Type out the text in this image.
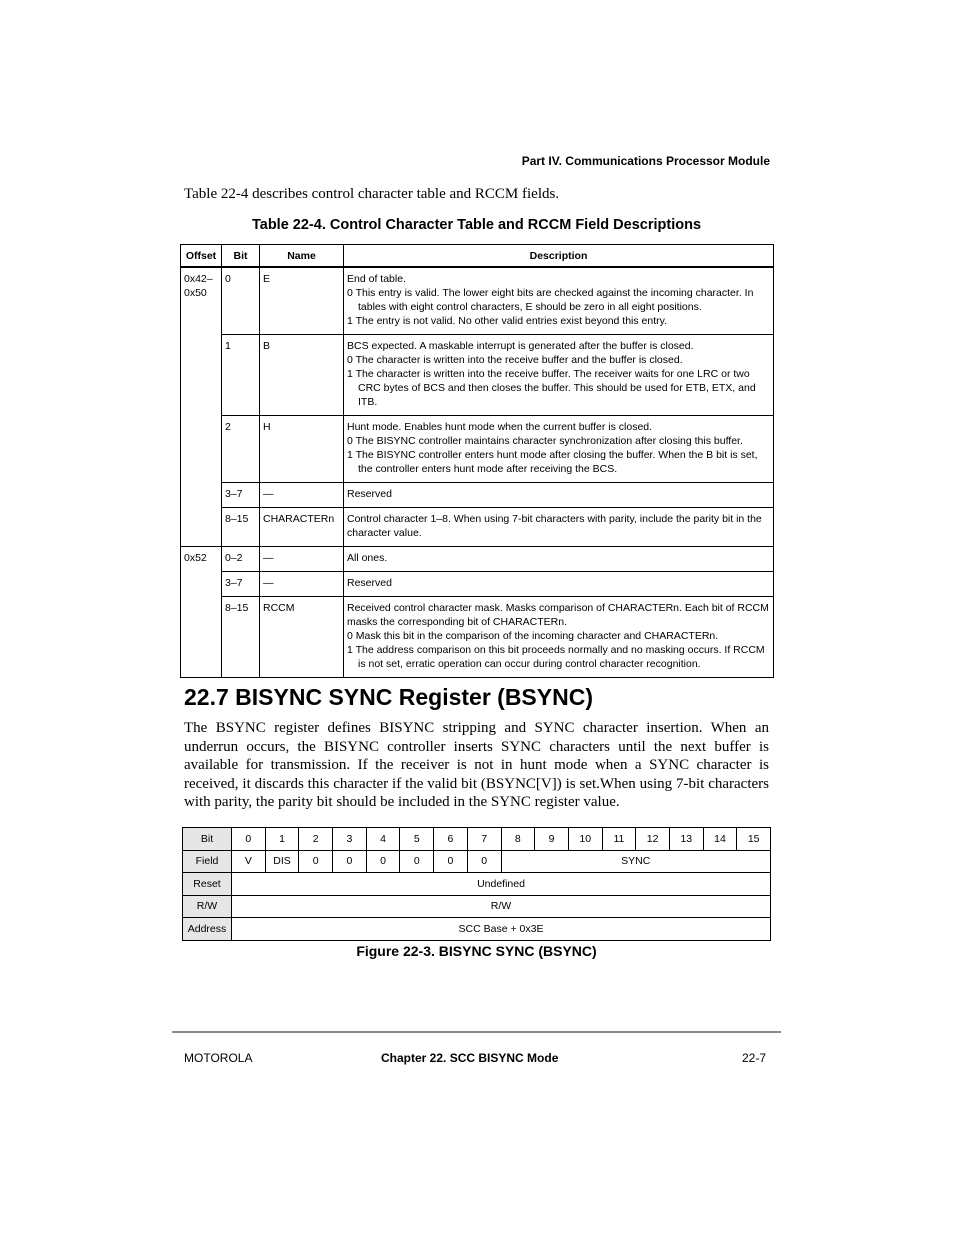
Part IV. Communications Processor Module
Table 22-4 describes control character table and RCCM fields.
Table 22-4. Control Character Table and RCCM Field Descriptions
Offset	Bit	Name	Description

0x42–
0x50	0	E	End of table.
0 This entry is valid. The lower eight bits are checked against the incoming character. In tables with eight control characters, E should be zero in all eight positions.
1 The entry is not valid. No other valid entries exist beyond this entry.

	1	B	BCS expected. A maskable interrupt is generated after the buffer is closed.
0 The character is written into the receive buffer and the buffer is closed.
1 The character is written into the receive buffer. The receiver waits for one LRC or two CRC bytes of BCS and then closes the buffer. This should be used for ETB, ETX, and ITB.

	2	H	Hunt mode. Enables hunt mode when the current buffer is closed.
0 The BISYNC controller maintains character synchronization after closing this buffer.
1 The BISYNC controller enters hunt mode after closing the buffer. When the B bit is set, the controller enters hunt mode after receiving the BCS.

	3–7	—	Reserved

	8–15	CHARACTERn	Control character 1–8. When using 7-bit characters with parity, include the parity bit in the character value.

0x52	0–2	—	All ones.

	3–7	—	Reserved

	8–15	RCCM	Received control character mask. Masks comparison of CHARACTERn. Each bit of RCCM masks the corresponding bit of CHARACTERn.
0 Mask this bit in the comparison of the incoming character and CHARACTERn.
1 The address comparison on this bit proceeds normally and no masking occurs. If RCCM is not set, erratic operation can occur during control character recognition.
22.7 BISYNC SYNC Register (BSYNC)
The BSYNC register defines BISYNC stripping and SYNC character insertion. When an underrun occurs, the BISYNC controller inserts SYNC characters until the next buffer is available for transmission. If the receiver is not in hunt mode when a SYNC character is received, it discards this character if the valid bit (BSYNC[V]) is set.When using 7-bit characters with parity, the parity bit should be included in the SYNC register value.
Bit	0	1	2	3	4	5	6	7	8	9	10	11	12	13	14	15
Field	V	DIS	0	0	0	0	0	0	SYNC							
Reset	Undefined															
R/W	R/W															
Address	SCC Base + 0x3E															
Figure 22-3. BISYNC SYNC (BSYNC)
MOTOROLA	Chapter 22. SCC BISYNC Mode	22-7
